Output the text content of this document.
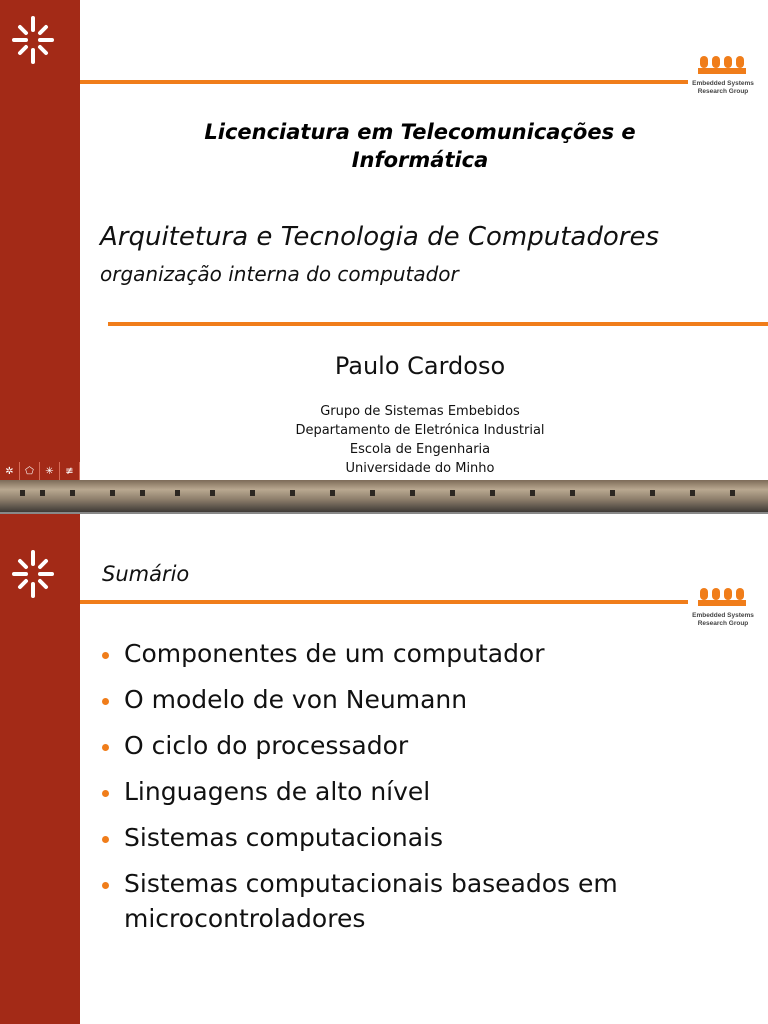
Embedded Systems
Research Group
Licenciatura em Telecomunicações e
Informática
Arquitetura e Tecnologia de Computadores
organização interna do computador
Paulo Cardoso
Grupo de Sistemas Embebidos
Departamento de Eletrónica Industrial
Escola de Engenharia
Universidade do Minho
✲	⬠	✳	≢
Embedded Systems
Research Group
Sumário
Componentes de um computador
O modelo de von Neumann
O ciclo do processador
Linguagens de alto nível
Sistemas computacionais
Sistemas computacionais baseados em microcontroladores
